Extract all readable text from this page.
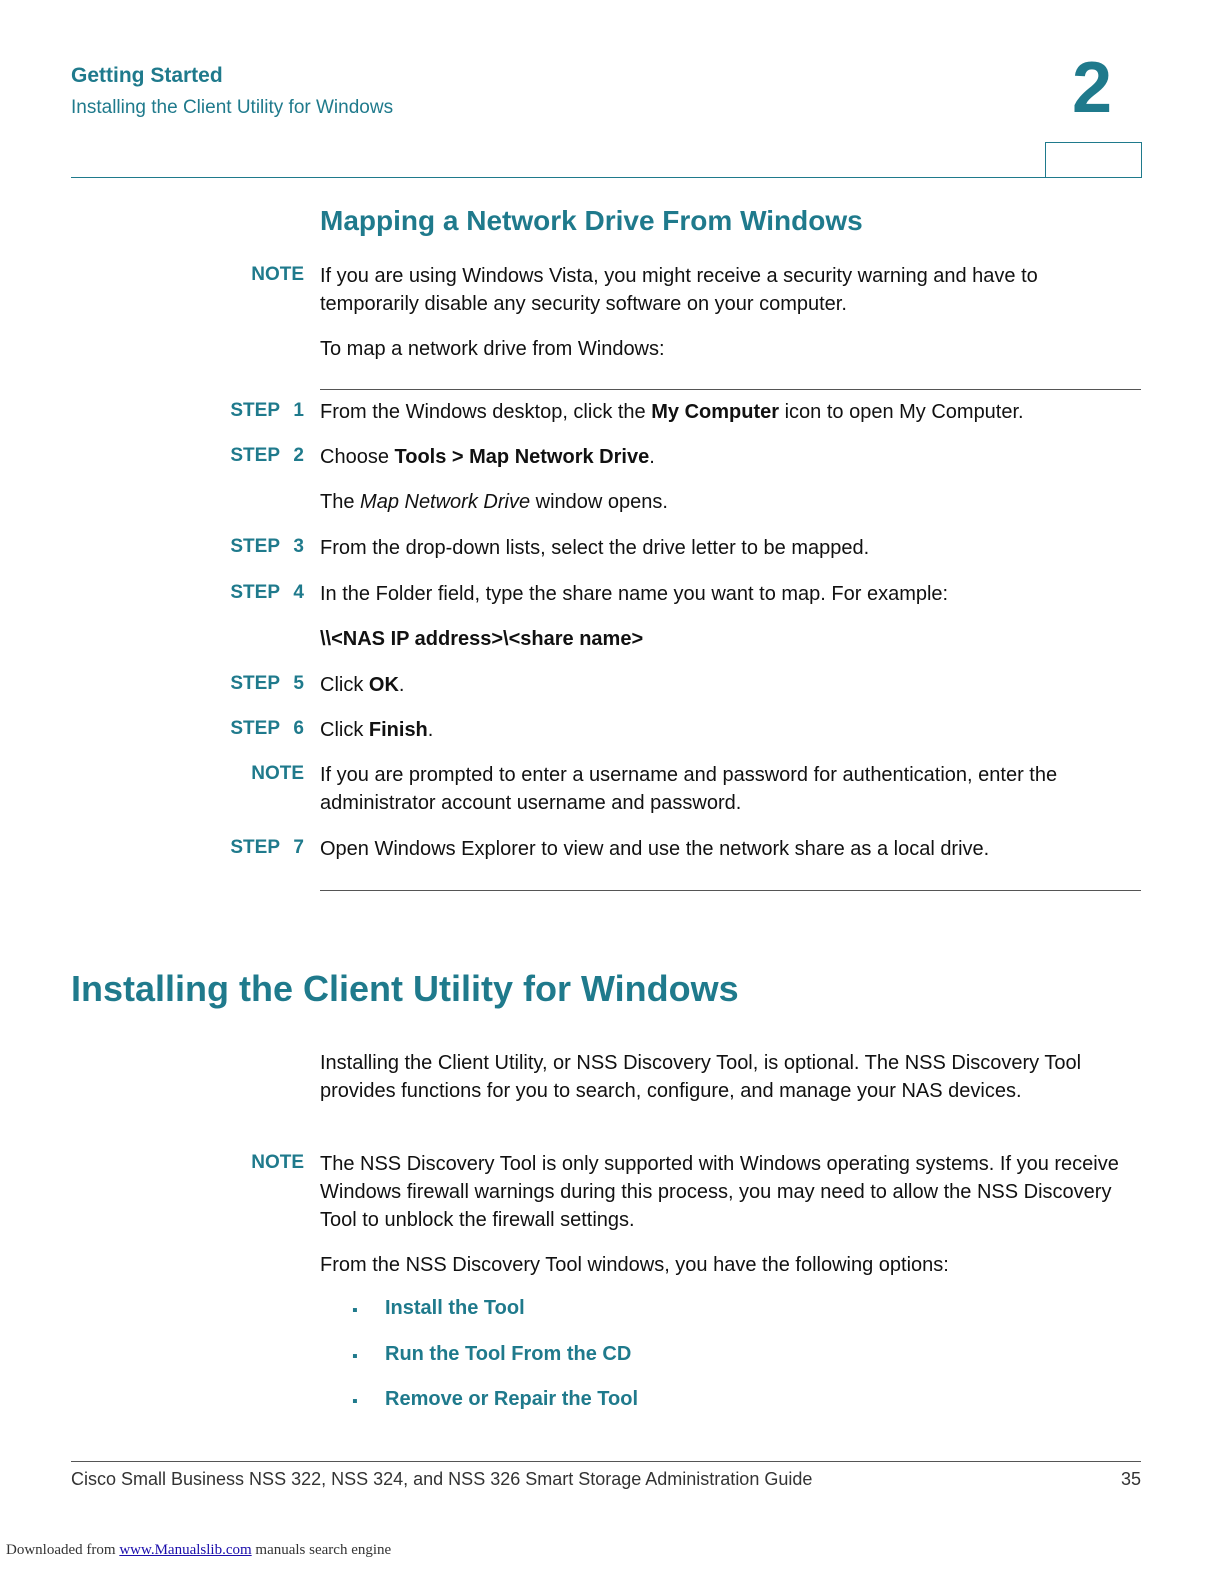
Getting Started
Installing the Client Utility for Windows	2
Mapping a Network Drive From Windows
NOTE If you are using Windows Vista, you might receive a security warning and have to temporarily disable any security software on your computer.
To map a network drive from Windows:
STEP 1 From the Windows desktop, click the My Computer icon to open My Computer.
STEP 2 Choose Tools > Map Network Drive.
The Map Network Drive window opens.
STEP 3 From the drop-down lists, select the drive letter to be mapped.
STEP 4 In the Folder field, type the share name you want to map. For example:
\\<NAS IP address>\<share name>
STEP 5 Click OK.
STEP 6 Click Finish.
NOTE If you are prompted to enter a username and password for authentication, enter the administrator account username and password.
STEP 7 Open Windows Explorer to view and use the network share as a local drive.
Installing the Client Utility for Windows
Installing the Client Utility, or NSS Discovery Tool, is optional. The NSS Discovery Tool provides functions for you to search, configure, and manage your NAS devices.
NOTE The NSS Discovery Tool is only supported with Windows operating systems. If you receive Windows firewall warnings during this process, you may need to allow the NSS Discovery Tool to unblock the firewall settings.
From the NSS Discovery Tool windows, you have the following options:
▪ Install the Tool
▪ Run the Tool From the CD
▪ Remove or Repair the Tool
Cisco Small Business NSS 322, NSS 324, and NSS 326 Smart Storage Administration Guide	35
Downloaded from www.Manualslib.com manuals search engine
